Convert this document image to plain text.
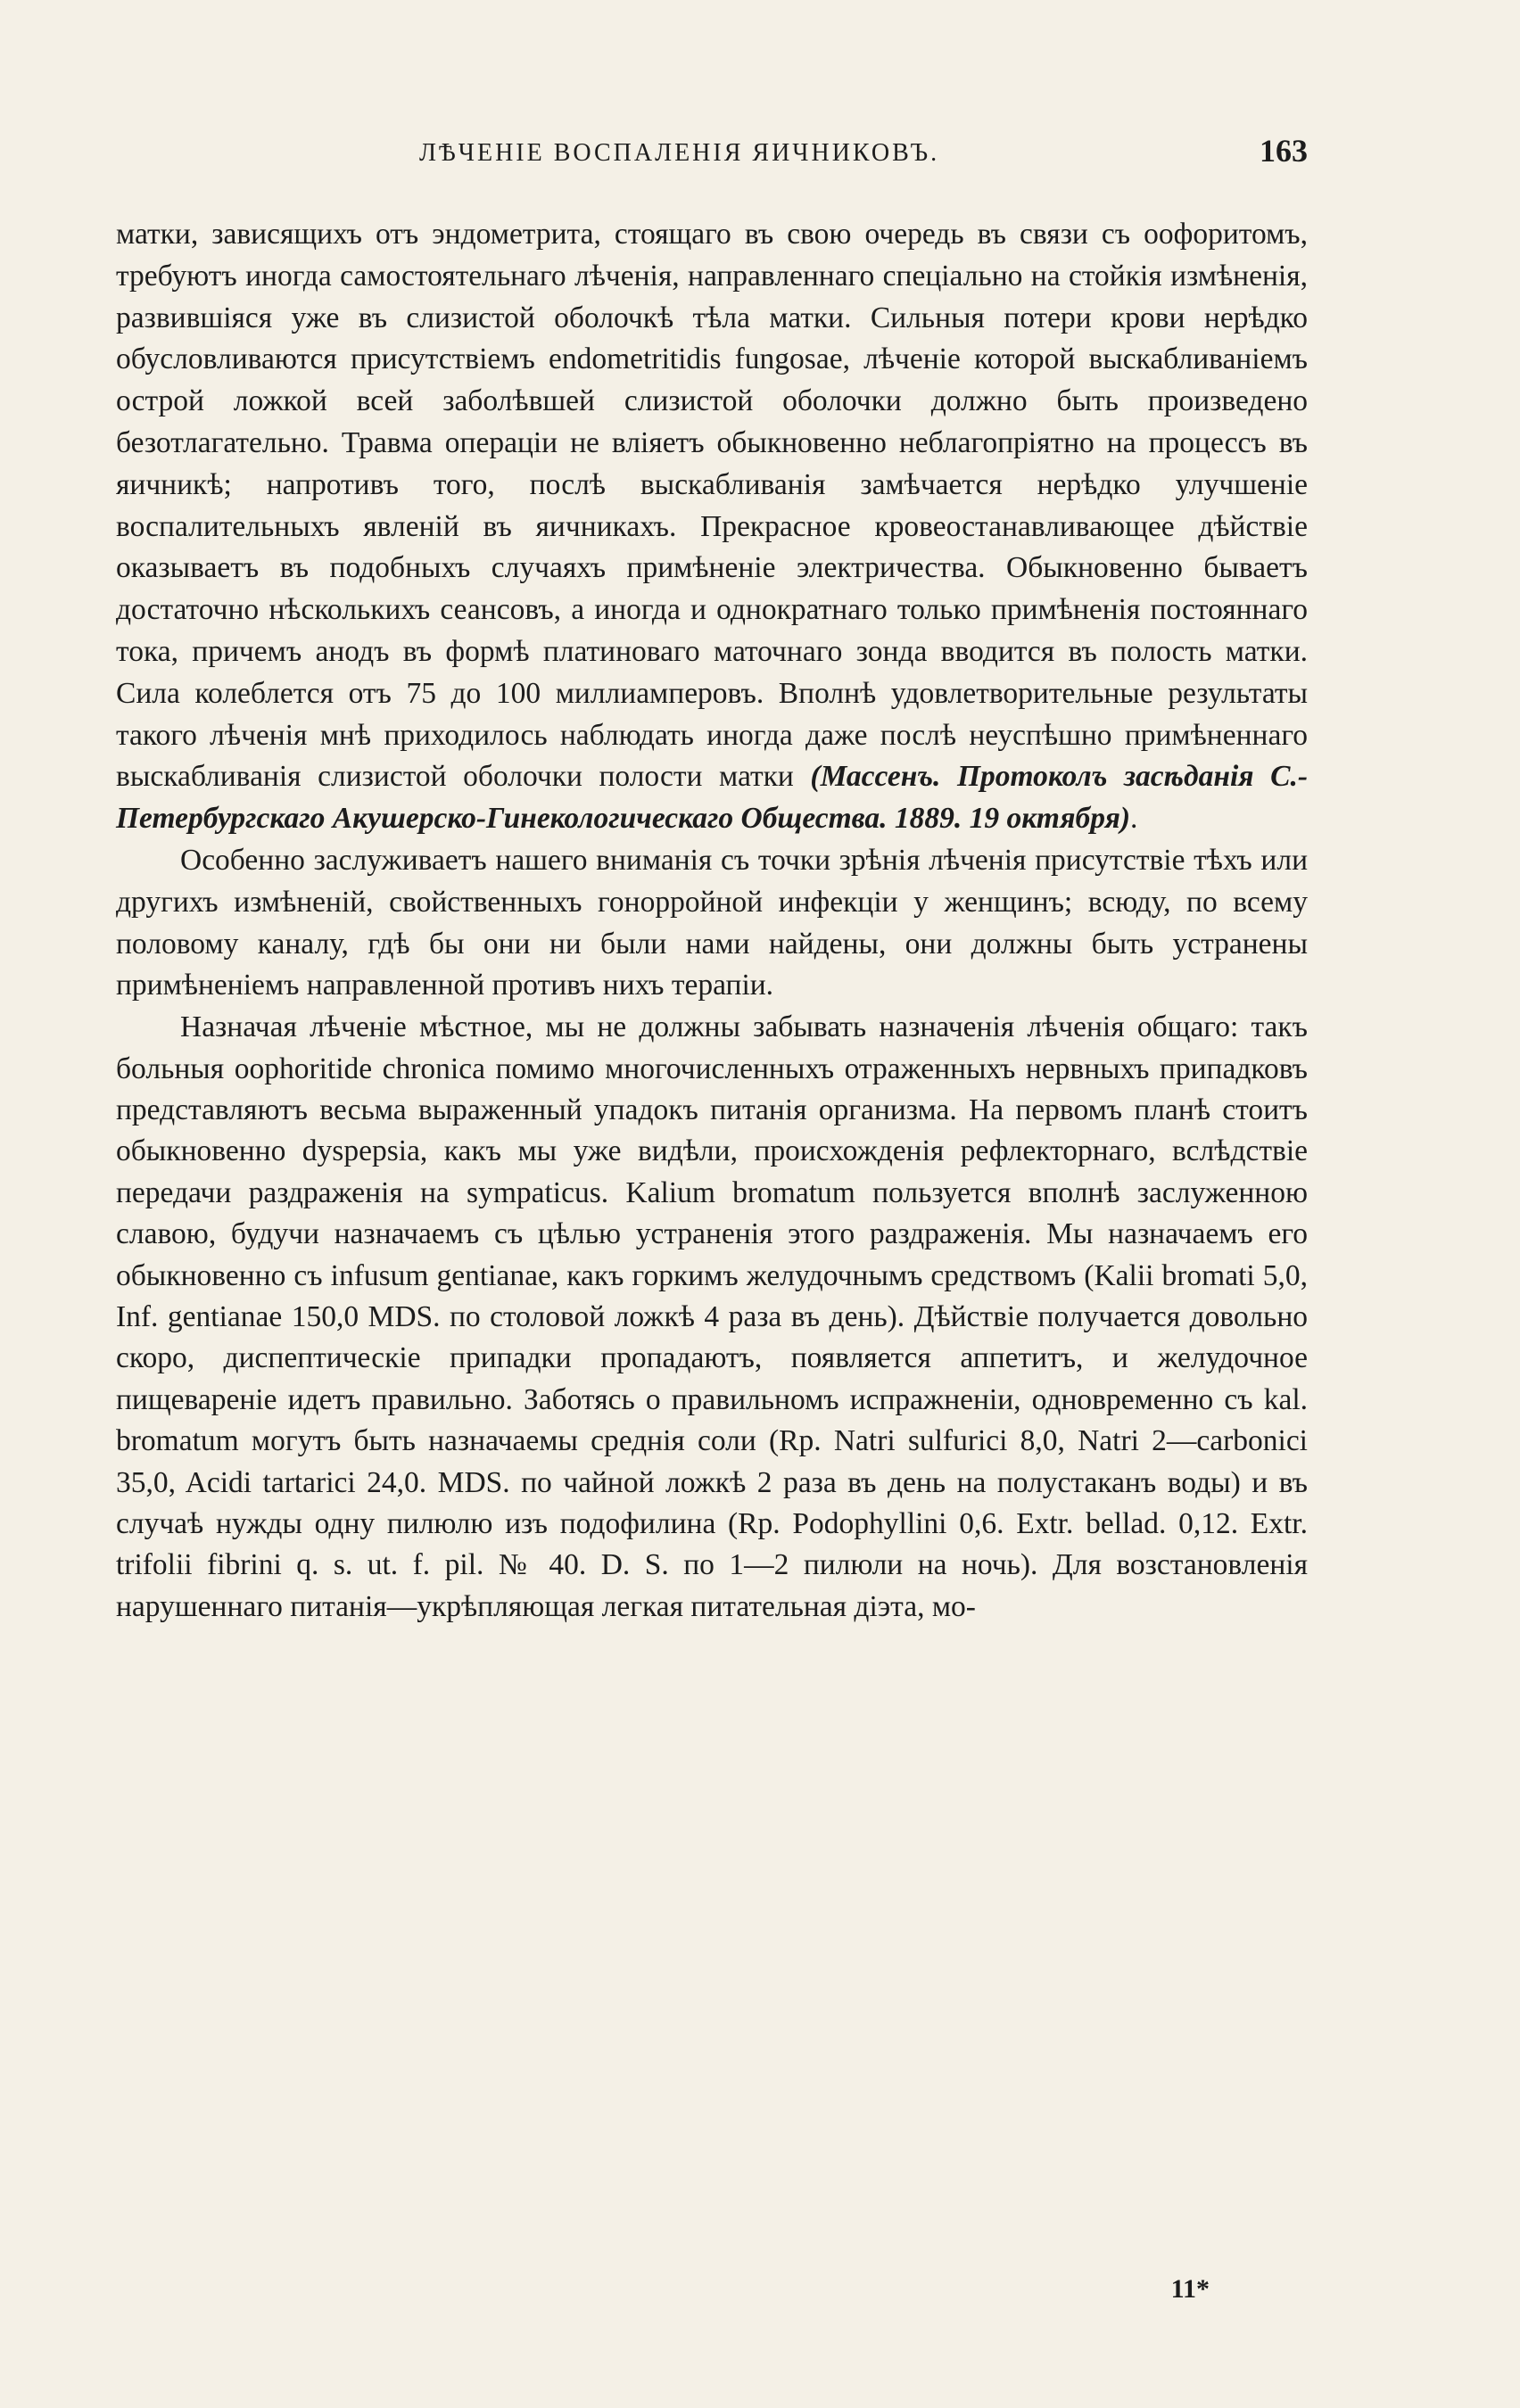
ЛѢЧЕНІЕ ВОСПАЛЕНІЯ ЯИЧНИКОВЪ.	163

матки, зависящихъ отъ эндометрита, стоящаго въ свою очередь въ связи съ оофоритомъ, требуютъ иногда самостоятельнаго лѣченія, направленнаго спеціально на стойкія измѣненія, развившіяся уже въ слизистой оболочкѣ тѣла матки. Сильныя потери крови нерѣдко обусловливаются присутствіемъ endometritidis fungosae, лѣченіе которой выскабливаніемъ острой ложкой всей заболѣвшей слизистой оболочки должно быть произведено безотлагательно. Травма операціи не вліяетъ обыкновенно неблагопріятно на процессъ въ яичникѣ; напротивъ того, послѣ выскабливанія замѣчается нерѣдко улучшеніе воспалительныхъ явленій въ яичникахъ. Прекрасное кровеостанавливающее дѣйствіе оказываетъ въ подобныхъ случаяхъ примѣненіе электричества. Обыкновенно бываетъ достаточно нѣсколькихъ сеансовъ, а иногда и однократнаго только примѣненія постояннаго тока, причемъ анодъ въ формѣ платиноваго маточнаго зонда вводится въ полость матки. Сила колеблется отъ 75 до 100 миллиамперовъ. Вполнѣ удовлетворительные результаты такого лѣченія мнѣ приходилось наблюдать иногда даже послѣ неуспѣшно примѣненнаго выскабливанія слизистой оболочки полости матки (Массенъ. Протоколъ засѣданія С.-Петербургскаго Акушерско-Гинекологическаго Общества. 1889. 19 октября).

Особенно заслуживаетъ нашего вниманія съ точки зрѣнія лѣченія присутствіе тѣхъ или другихъ измѣненій, свойственныхъ гонорройной инфекціи у женщинъ; всюду, по всему половому каналу, гдѣ бы они ни были нами найдены, они должны быть устранены примѣненіемъ направленной противъ нихъ терапіи.

Назначая лѣченіе мѣстное, мы не должны забывать назначенія лѣченія общаго: такъ больныя oophoritide chronica помимо многочисленныхъ отраженныхъ нервныхъ припадковъ представляютъ весьма выраженный упадокъ питанія организма. На первомъ планѣ стоитъ обыкновенно dyspepsia, какъ мы уже видѣли, происхожденія рефлекторнаго, вслѣдствіе передачи раздраженія на sympaticus. Kalium bromatum пользуется вполнѣ заслуженною славою, будучи назначаемъ съ цѣлью устраненія этого раздраженія. Мы назначаемъ его обыкновенно съ infusum gentianae, какъ горкимъ желудочнымъ средствомъ (Kalii bromati 5,0, Inf. gentianae 150,0 MDS. по столовой ложкѣ 4 раза въ день). Дѣйствіе получается довольно скоро, диспептическіе припадки пропадаютъ, появляется аппетитъ, и желудочное пищевареніе идетъ правильно. Заботясь о правильномъ испражненіи, одновременно съ kal. bromatum могутъ быть назначаемы среднія соли (Rp. Natri sulfurici 8,0, Natri 2—carbonici 35,0, Acidi tartarici 24,0. MDS. по чайной ложкѣ 2 раза въ день на полустаканъ воды) и въ случаѣ нужды одну пилюлю изъ подофилина (Rp. Podophyllini 0,6. Extr. bellad. 0,12. Extr. trifolii fibrini q. s. ut. f. pil. № 40. D. S. по 1—2 пилюли на ночь). Для возстановленія нарушеннаго питанія—укрѣпляющая легкая питательная діэта, мо-

11*
